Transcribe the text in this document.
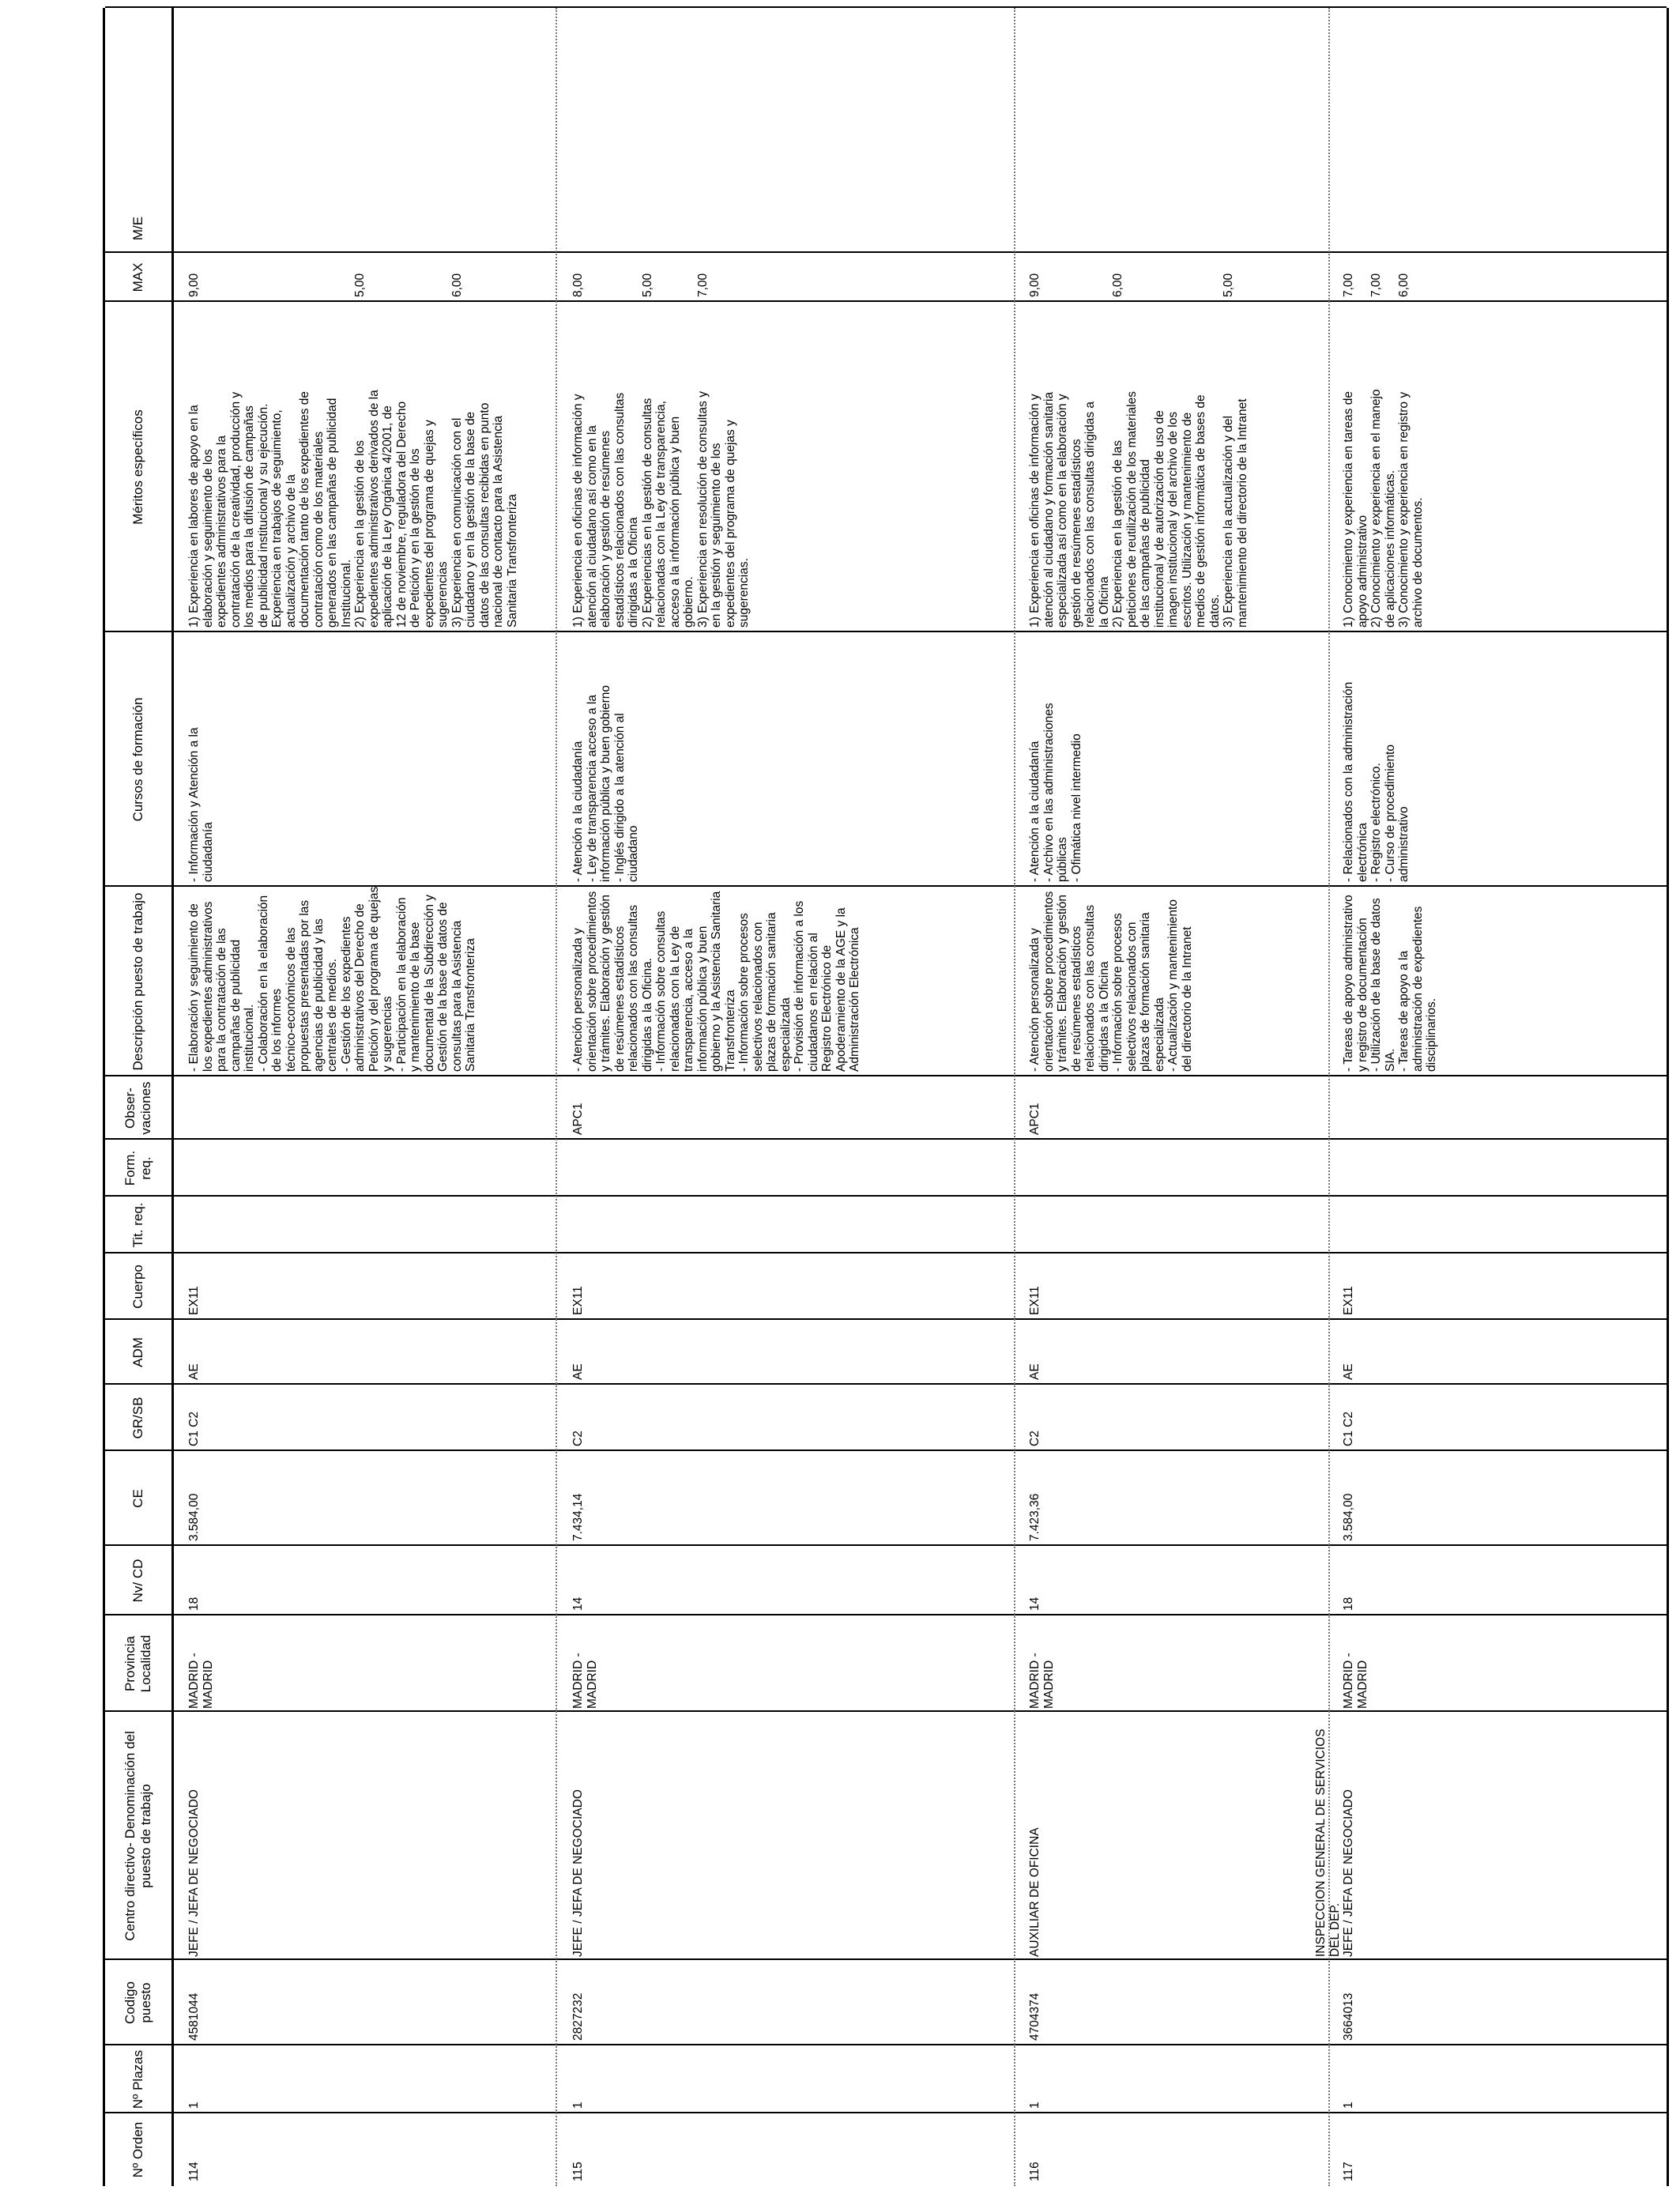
Nº Orden
Nº Plazas
Codigo puesto
Centro directivo- Denominación del puesto de trabajo
Provincia Localidad
Nv/ CD
CE
GR/SB
ADM
Cuerpo
Tit. req.
Form. req.
Obser- vaciones
Descripción puesto de trabajo
Cursos de formación
Méritos específicos
MAX
M/E
114
1
4581044
JEFE / JEFA DE NEGOCIADO
MADRID - MADRID
18
3.584,00
C1 C2
AE
EX11
- Elaboración y seguimiento de los expedientes administrativos para la contratación de las campañas de publicidad institucional. - Colaboración en la elaboración de los informes técnico-económicos de las propuestas presentadas por las agencias de publicidad y las centrales de medios. - Gestión de los expedientes administrativos del Derecho de Petición y del programa de quejas y sugerencias - Participación en la elaboración y mantenimiento de la base documental de la Subdirección y Gestión de la base de datos de consultas para la Asistencia Sanitaria Transfronteriza
- Información y Atención a la ciudadanía
1) Experiencia en labores de apoyo en la elaboración y seguimiento de los expedientes administrativos para la contratación de la creatividad, producción y los medios para la difusión de campañas de publicidad institucional y su ejecución. Experiencia en trabajos de seguimiento, actualización y archivo de la documentación tanto de los expedientes de contratación como de los materiales generados en las campañas de publicidad Institucional.
9,00
2) Experiencia en la gestión de los expedientes administrativos derivados de la aplicación de la Ley Orgánica 4/2001, de 12 de noviembre, reguladora del Derecho de Petición y en la gestión de los expedientes del programa de quejas y sugerencias
5,00
3) Experiencia en comunicación con el ciudadano y en la gestión de la base de datos de las consultas recibidas en punto nacional de contacto para la Asistencia Sanitaria Transfronteriza
6,00
115
1
2827232
JEFE / JEFA DE NEGOCIADO
MADRID - MADRID
14
7.434,14
C2
AE
EX11
APC1
- Atención personalizada y orientación sobre procedimientos y trámites. Elaboración y gestión de resúmenes estadísticos relacionados con las consultas dirigidas a la Oficina. - Información sobre consultas relacionadas con la Ley de transparencia, acceso a la información pública y buen gobierno y la Asistencia Sanitaria Transfronteriza - Información sobre procesos selectivos relacionados con plazas de formación sanitaria especializada - Provisión de información a los ciudadanos en relación al Registro Electrónico de Apoderamiento de la AGE y la Administración Electrónica
- Atención a la ciudadanía - Ley de transparencia acceso a la información pública y buen gobierno - Inglés dirigido a la atención al ciudadano
1) Experiencia en oficinas de información y atención al ciudadano así como en la elaboración y gestión de resúmenes estadísticos relacionados con las consultas dirigidas a la Oficina
8,00
2) Experiencias en la gestión de consultas relacionadas con la Ley de transparencia, acceso a la información pública y buen gobierno.
5,00
3) Experiencia en resolución de consultas y en la gestión y seguimiento de los expedientes del programa de quejas y sugerencias.
7,00
116
1
4704374
AUXILIAR DE OFICINA
MADRID - MADRID
14
7.423,36
C2
AE
EX11
APC1
- Atención personalizada y orientación sobre procedimientos y trámites. Elaboración y gestión de resúmenes estadísticos relacionados con las consultas dirigidas a la Oficina - Información sobre procesos selectivos relacionados con plazas de formación sanitaria especializada - Actualización y mantenimiento del directorio de la Intranet
- Atención a la ciudadanía - Archivo en las administraciones públicas - Ofimática nivel intermedio
1) Experiencia en oficinas de información y atención al ciudadano y formación sanitaria especializada así como en la elaboración y gestión de resúmenes estadísticos relacionados con las consultas dirigidas a la Oficina
9,00
2) Experiencia en la gestión de las peticiones de reutilización de los materiales de las campañas de publicidad institucional y de autorización de uso de imagen institucional y del archivo de los escritos. Utilización y mantenimiento de medios de gestión informática de bases de datos.
6,00
3) Experiencia en la actualización y del mantenimiento del directorio de la Intranet
5,00
117
1
3664013
INSPECCION GENERAL DE SERVICIOS DEL DEP. JEFE / JEFA DE NEGOCIADO
MADRID - MADRID
18
3.584,00
C1 C2
AE
EX11
- Tareas de apoyo administrativo y registro de documentación - Utilización de la base de datos SIA. - Tareas de apoyo a la administración de expedientes disciplinarios.
- Relacionados con la administración electrónica - Registro electrónico. - Curso de procedimiento administrativo
1) Conocimiento y experiencia en tareas de apoyo administrativo
7,00
2) Conocimiento y experiencia en el manejo de aplicaciones informáticas.
7,00
3) Conocimiento y experiencia en registro y archivo de documentos.
6,00
